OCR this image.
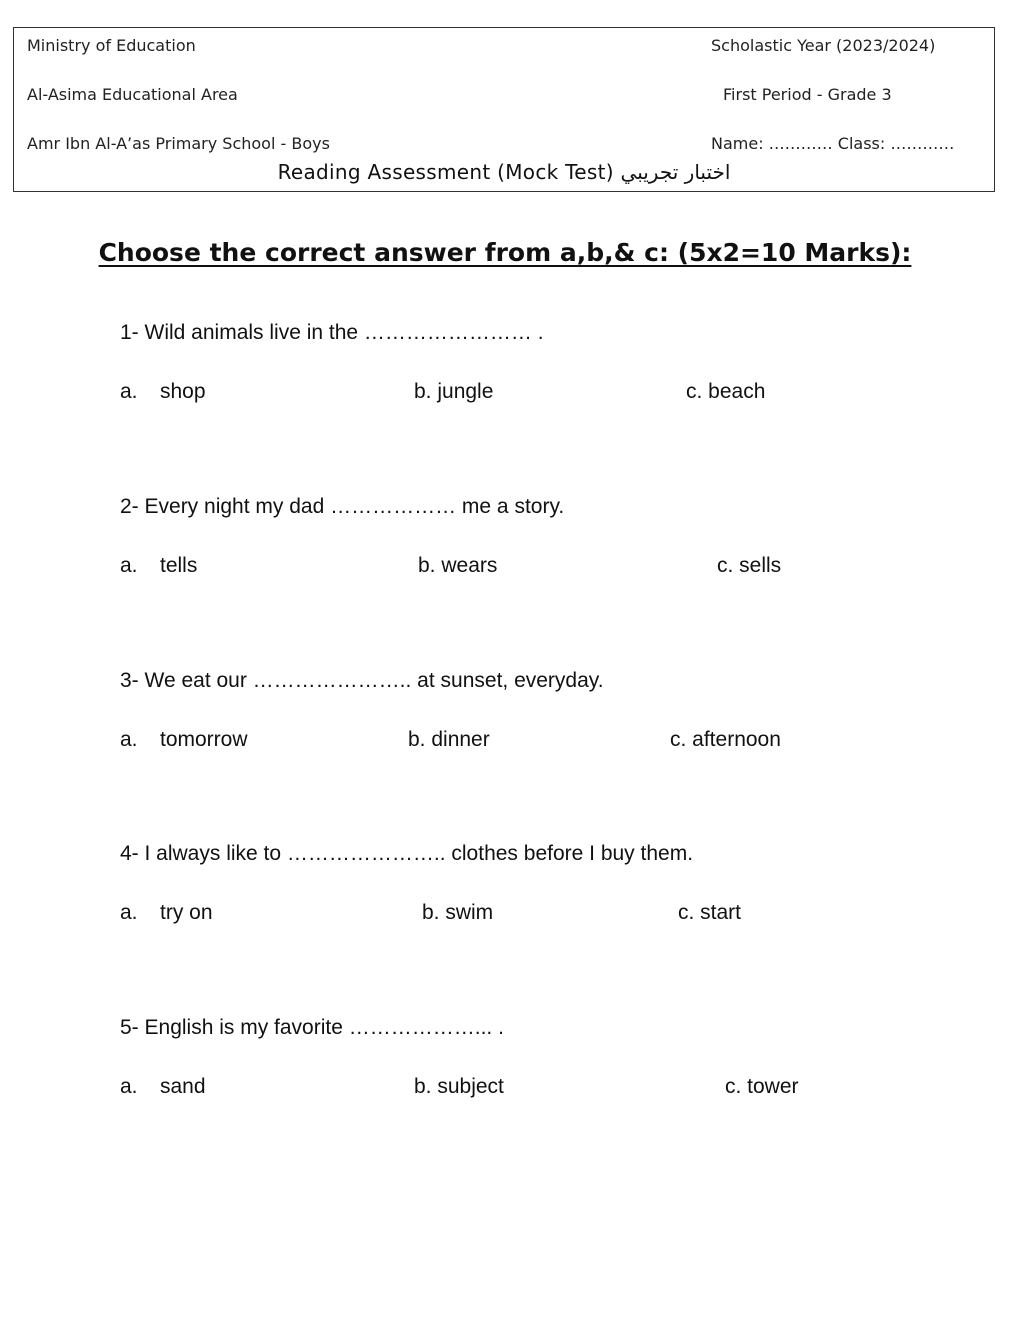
Ministry of Education	Scholastic Year (2023/2024)
Al-Asima Educational Area	First Period - Grade 3
Amr Ibn Al-A’as Primary School - Boys	Name: ………… Class: …………
Reading Assessment (Mock Test) اختبار تجريبي
Choose the correct answer from a,b,& c: (5x2=10 Marks):
1- Wild animals live in the …………………… .
a. shop	b. jungle	c. beach
2- Every night my dad ……………… me a story.
a. tells	b. wears	c. sells
3- We eat our ………………….. at sunset, everyday.
a. tomorrow	b. dinner	c. afternoon
4- I always like to ………………….. clothes before I buy them.
a. try on	b. swim	c. start
5- English is my favorite ………………... .
a. sand	b. subject	c. tower
